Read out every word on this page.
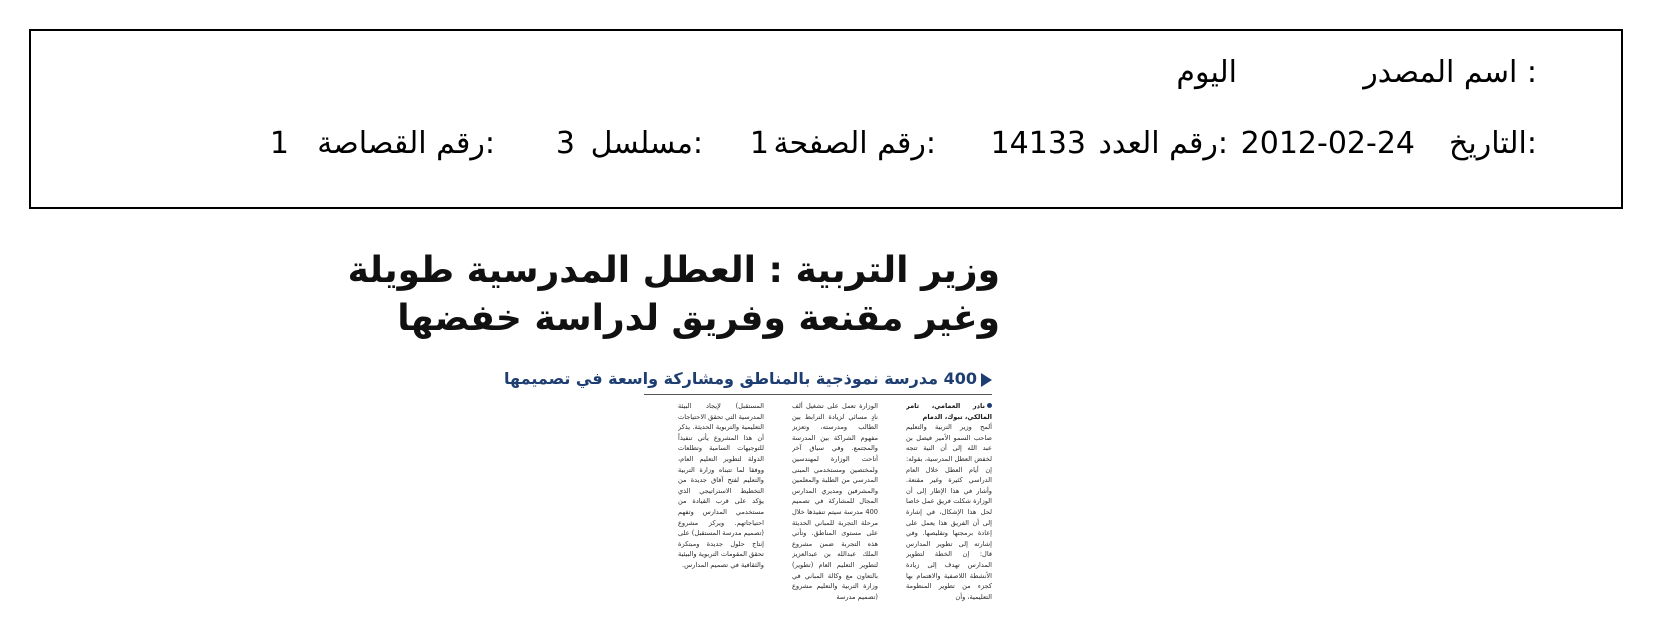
اسم المصدر :
اليوم
التاريخ:
2012-02-24
رقم العدد:
14133
رقم الصفحة:
1
مسلسل:
3
رقم القصاصة:
1
وزير التربية : العطل المدرسية طويلة
وغير مقنعة وفريق لدراسة خفضها
400 مدرسة نموذجية بالمناطق ومشاركة واسعة في تصميمها

نادر العمامي، ثامر المالكي، تبوك، الدمام

ألمح وزير التربية والتعليم صاحب السمو الأمير فيصل بن عبد الله إلى أن النية تتجه لخفض العطل المدرسية، بقوله: إن أيام العطل خلال العام الدراسي كثيرة وغير مقنعة. وأشار في هذا الإطار إلى أن الوزارة شكلت فريق عمل خاصا لحل هذا الإشكال، في إشارة إلى أن الفريق هذا يعمل على إعادة برمجتها وتقليصها. وفي إشارته إلى تطوير المدارس قال: إن الخطة لتطوير المدارس تهدف إلى زيادة الأنشطة اللاصفية والاهتمام بها كجزء من تطوير المنظومة التعليمية، وأن

الوزارة تعمل على تشغيل ألف نادٍ مسائي لزيادة الترابط بين الطالب ومدرسته، وتعزيز مفهوم الشراكة بين المدرسة والمجتمع. وفي سياق آخر أتاحت الوزارة لمهندسين ولمختصين ومستخدمي المبنى المدرسي من الطلبة والمعلمين والمشرفين ومديري المدارس المجال للمشاركة في تصميم 400 مدرسة سيتم تنفيذها خلال مرحلة التجربة للمباني الحديثة على مستوى المناطق. وتأتي هذه التجربة ضمن مشروع الملك عبدالله بن عبدالعزيز لتطوير التعليم العام (تطوير) بالتعاون مع وكالة المباني في وزارة التربية والتعليم مشروع (تصميم مدرسة

المستقبل) لإيجاد البيئة المدرسية التي تحقق الاحتياجات التعليمية والتربوية الحديثة. يذكر أن هذا المشروع يأتي تنفيذاً للتوجيهات السامية وتطلعات الدولة لتطوير التعليم العام، ووفقا لما تتبناه وزارة التربية والتعليم لفتح آفاق جديدة من التخطيط الاستراتيجي الذي يؤكد على قرب القيادة من مستخدمي المدارس وتفهم احتياجاتهم. ويركز مشروع (تصميم مدرسة المستقبل) على إنتاج حلول جديدة ومبتكرة تحقق المقومات التربوية والبيئية والثقافية في تصميم المدارس.
